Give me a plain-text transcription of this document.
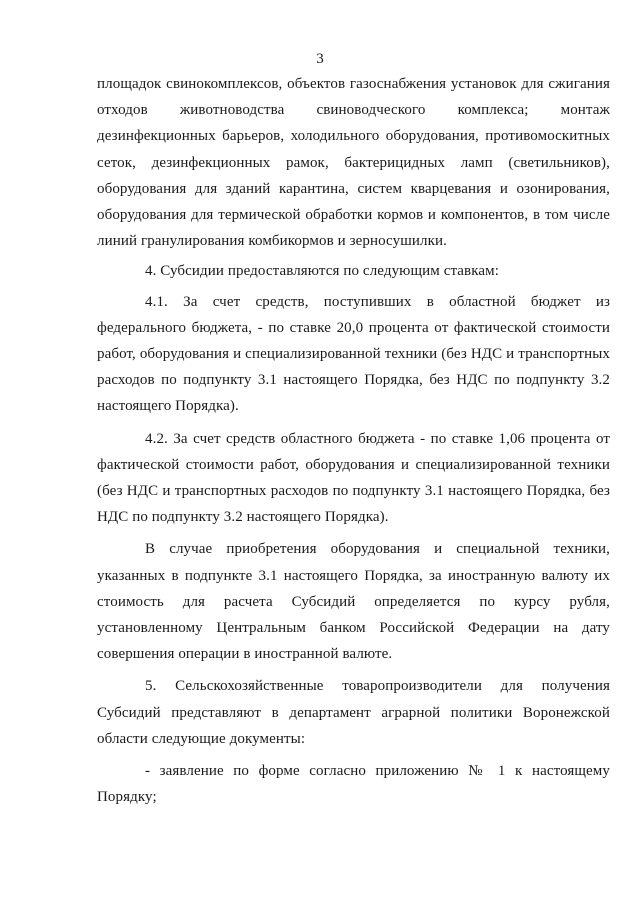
3

площадок свинокомплексов, объектов газоснабжения установок для сжигания отходов животноводства свиноводческого комплекса; монтаж дезинфекционных барьеров, холодильного оборудования, противомоскитных сеток, дезинфекционных рамок, бактерицидных ламп (светильников), оборудования для зданий карантина, систем кварцевания и озонирования, оборудования для термической обработки кормов и компонентов, в том числе линий гранулирования комбикормов и зерносушилки.

4. Субсидии предоставляются по следующим ставкам:

4.1. За счет средств, поступивших в областной бюджет из федерального бюджета, - по ставке 20,0 процента от фактической стоимости работ, оборудования и специализированной техники (без НДС и транспортных расходов по подпункту 3.1 настоящего Порядка, без НДС по подпункту 3.2 настоящего Порядка).

4.2. За счет средств областного бюджета - по ставке 1,06 процента от фактической стоимости работ, оборудования и специализированной техники (без НДС и транспортных расходов по подпункту 3.1 настоящего Порядка, без НДС по подпункту 3.2 настоящего Порядка).

В случае приобретения оборудования и специальной техники, указанных в подпункте 3.1 настоящего Порядка, за иностранную валюту их стоимость для расчета Субсидий определяется по курсу рубля, установленному Центральным банком Российской Федерации на дату совершения операции в иностранной валюте.

5. Сельскохозяйственные товаропроизводители для получения Субсидий представляют в департамент аграрной политики Воронежской области следующие документы:

- заявление по форме согласно приложению № 1 к настоящему Порядку;
